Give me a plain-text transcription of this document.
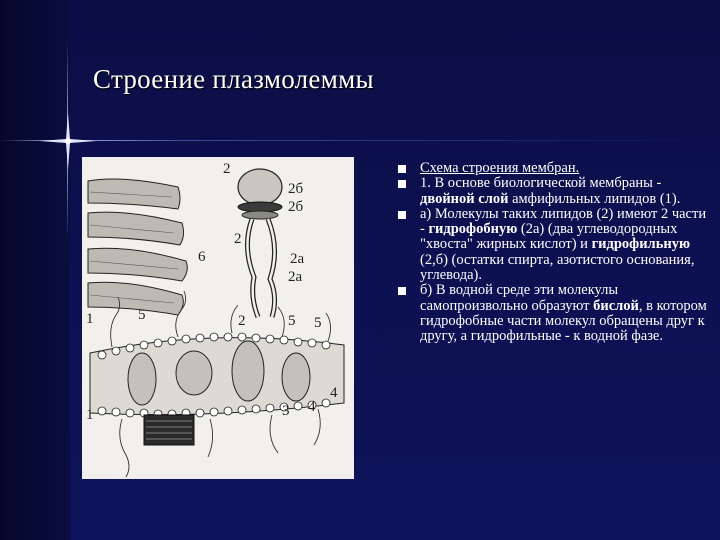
Строение плазмолеммы
2
2б
2б
2
6	2а
2а
5	2	5 5
4
4
3
1
1
Схема строения мембран.
1. В основе биологической мембраны - двойной слой амфифильных липидов (1).
а) Молекулы таких липидов (2) имеют 2 части - гидрофобную (2а) (два углеводородных "хвоста" жирных кислот) и гидрофильную (2,б) (остатки спирта, азотистого основания, углевода).
б) В водной среде эти молекулы самопроизвольно образуют бислой, в котором гидрофобные части молекул обращены друг к другу, а гидрофильные - к водной фазе.
